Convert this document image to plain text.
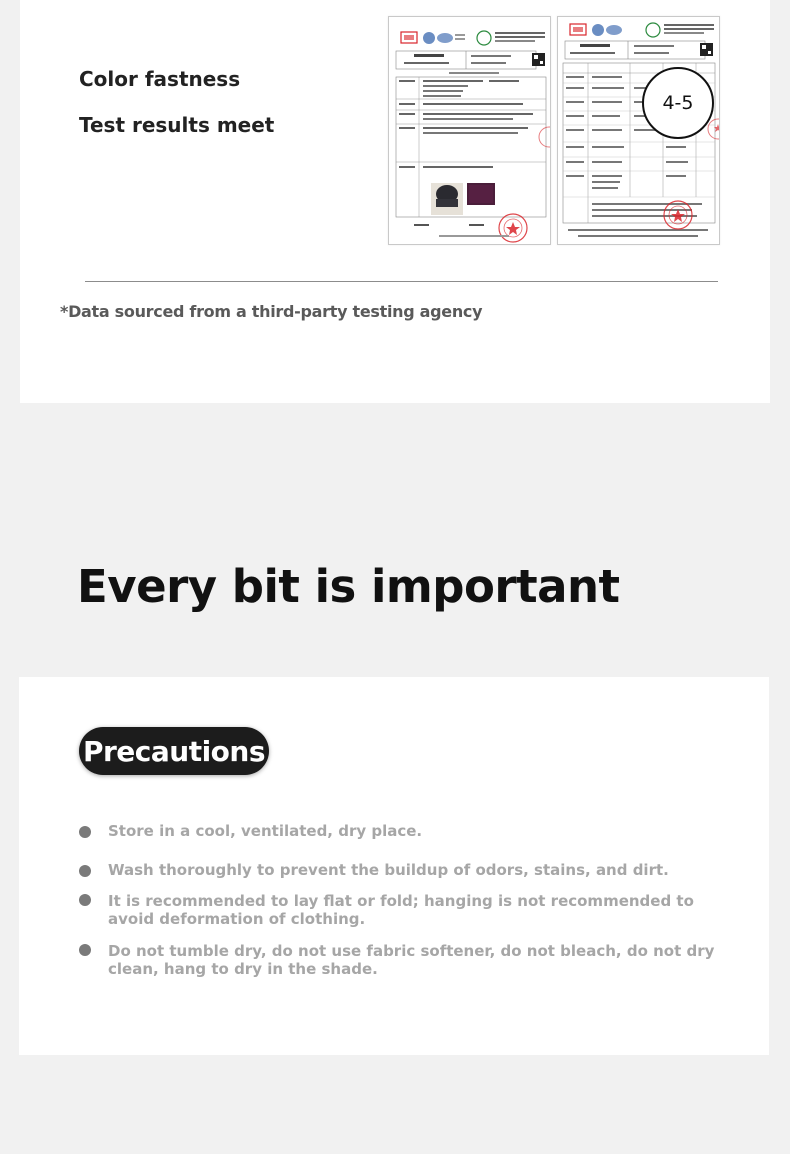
Color fastness

Test results meet

4-5

*Data sourced from a third-party testing agency

Every bit is important
Precautions
Store in a cool, ventilated, dry place.
Wash thoroughly to prevent the buildup of odors, stains, and dirt.
It is recommended to lay flat or fold; hanging is not recommended to avoid deformation of clothing.
Do not tumble dry, do not use fabric softener, do not bleach, do not dry clean, hang to dry in the shade.
